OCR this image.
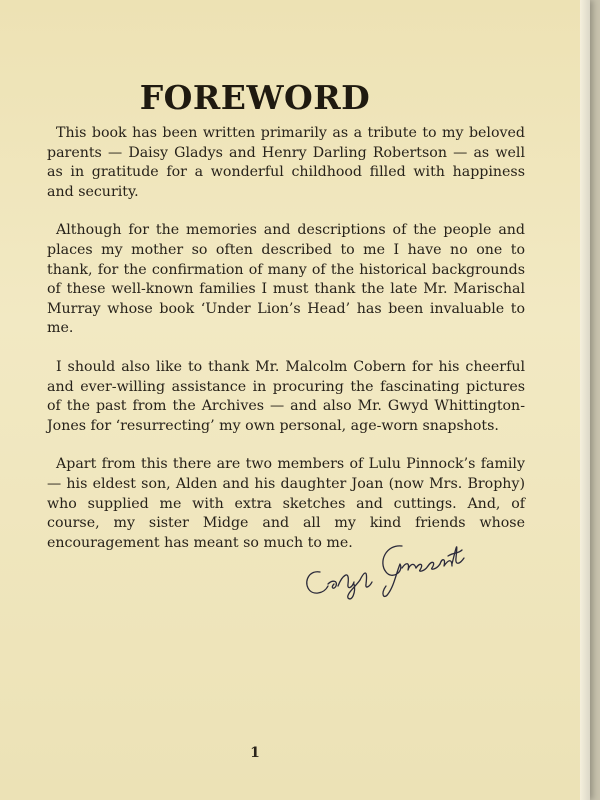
FOREWORD

This book has been written primarily as a tribute to my beloved parents — Daisy Gladys and Henry Darling Robertson — as well as in gratitude for a wonderful childhood filled with happiness and security.

Although for the memories and descriptions of the people and places my mother so often described to me I have no one to thank, for the confirmation of many of the historical backgrounds of these well-known families I must thank the late Mr. Marischal Murray whose book ‘Under Lion’s Head’ has been invaluable to me.

I should also like to thank Mr. Malcolm Cobern for his cheerful and ever-willing assistance in procuring the fascinating pictures of the past from the Archives — and also Mr. Gwyd Whittington-Jones for ‘resurrecting’ my own personal, age-worn snapshots.

Apart from this there are two members of Lulu Pinnock’s family — his eldest son, Alden and his daughter Joan (now Mrs. Brophy) who supplied me with extra sketches and cuttings. And, of course, my sister Midge and all my kind friends whose encouragement has meant so much to me.

1
